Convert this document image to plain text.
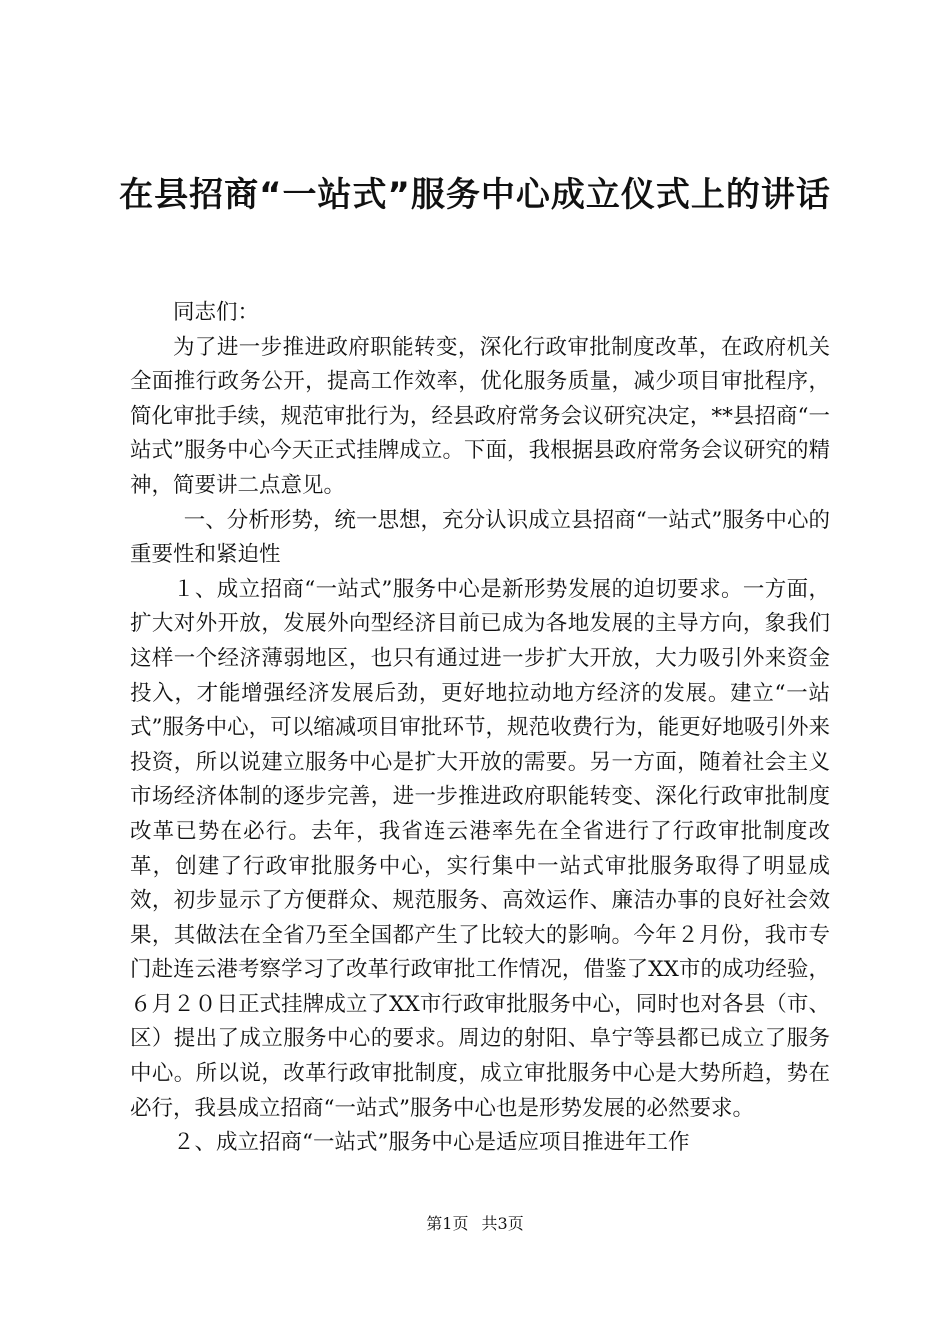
在县招商“一站式”服务中心成立仪式上的讲话

同志们：

为了进一步推进政府职能转变，深化行政审批制度改革，在政府机关全面推行政务公开，提高工作效率，优化服务质量，减少项目审批程序，简化审批手续，规范审批行为，经县政府常务会议研究决定，**县招商“一站式”服务中心今天正式挂牌成立。下面，我根据县政府常务会议研究的精神，简要讲二点意见。

一、分析形势，统一思想，充分认识成立县招商“一站式”服务中心的重要性和紧迫性

１、成立招商“一站式”服务中心是新形势发展的迫切要求。一方面，扩大对外开放，发展外向型经济目前已成为各地发展的主导方向，象我们这样一个经济薄弱地区，也只有通过进一步扩大开放，大力吸引外来资金投入，才能增强经济发展后劲，更好地拉动地方经济的发展。建立“一站式”服务中心，可以缩减项目审批环节，规范收费行为，能更好地吸引外来投资，所以说建立服务中心是扩大开放的需要。另一方面，随着社会主义市场经济体制的逐步完善，进一步推进政府职能转变、深化行政审批制度改革已势在必行。去年，我省连云港率先在全省进行了行政审批制度改革，创建了行政审批服务中心，实行集中一站式审批服务取得了明显成效，初步显示了方便群众、规范服务、高效运作、廉洁办事的良好社会效果，其做法在全省乃至全国都产生了比较大的影响。今年２月份，我市专门赴连云港考察学习了改革行政审批工作情况，借鉴了XX市的成功经验，６月２０日正式挂牌成立了XX市行政审批服务中心，同时也对各县（市、区）提出了成立服务中心的要求。周边的射阳、阜宁等县都已成立了服务中心。所以说，改革行政审批制度，成立审批服务中心是大势所趋，势在必行，我县成立招商“一站式”服务中心也是形势发展的必然要求。

２、成立招商“一站式”服务中心是适应项目推进年工作

第1页 共3页
